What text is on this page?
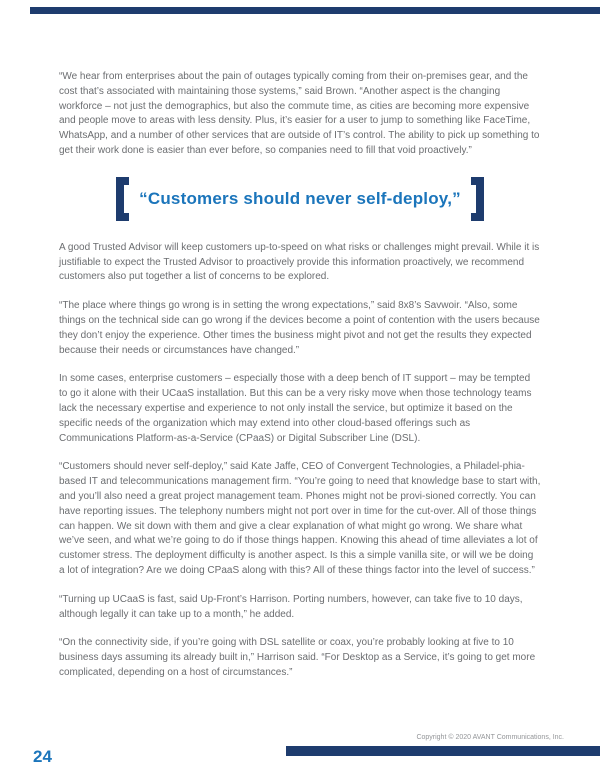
“We hear from enterprises about the pain of outages typically coming from their on-premises gear, and the cost that’s associated with maintaining those systems,” said Brown. “Another aspect is the changing workforce – not just the demographics, but also the commute time, as cities are becoming more expensive and people move to areas with less density. Plus, it’s easier for a user to jump to something like FaceTime, WhatsApp, and a number of other services that are outside of IT’s control. The ability to pick up something to get their work done is easier than ever before, so companies need to fill that void proactively.”

“Customers should never self-deploy,”

A good Trusted Advisor will keep customers up-to-speed on what risks or challenges might prevail. While it is justifiable to expect the Trusted Advisor to proactively provide this information proactively, we recommend customers also put together a list of concerns to be explored.

“The place where things go wrong is in setting the wrong expectations,” said 8x8’s Savwoir. “Also, some things on the technical side can go wrong if the devices become a point of contention with the users because they don’t enjoy the experience. Other times the business might pivot and not get the results they expected because their needs or circumstances have changed.”

In some cases, enterprise customers – especially those with a deep bench of IT support – may be tempted to go it alone with their UCaaS installation. But this can be a very risky move when those technology teams lack the necessary expertise and experience to not only install the service, but optimize it based on the specific needs of the organization which may extend into other cloud-based offerings such as Communications Platform-as-a-Service (CPaaS) or Digital Subscriber Line (DSL).

“Customers should never self-deploy,” said Kate Jaffe, CEO of Convergent Technologies, a Philadel-phia-based IT and telecommunications management firm. “You’re going to need that knowledge base to start with, and you’ll also need a great project management team. Phones might not be provi-sioned correctly. You can have reporting issues. The telephony numbers might not port over in time for the cut-over. All of those things can happen. We sit down with them and give a clear explanation of what might go wrong. We share what we’ve seen, and what we’re going to do if those things happen. Knowing this ahead of time alleviates a lot of customer stress. The deployment difficulty is another aspect. Is this a simple vanilla site, or will we be doing a lot of integration? Are we doing CPaaS along with this? All of these things factor into the level of success.”

“Turning up UCaaS is fast, said Up-Front’s Harrison. Porting numbers, however, can take five to 10 days, although legally it can take up to a month,” he added.

“On the connectivity side, if you’re going with DSL satellite or coax, you’re probably looking at five to 10 business days assuming its already built in,” Harrison said. “For Desktop as a Service, it’s going to get more complicated, depending on a host of circumstances.”

24
Copyright © 2020 AVANT Communications, Inc.
